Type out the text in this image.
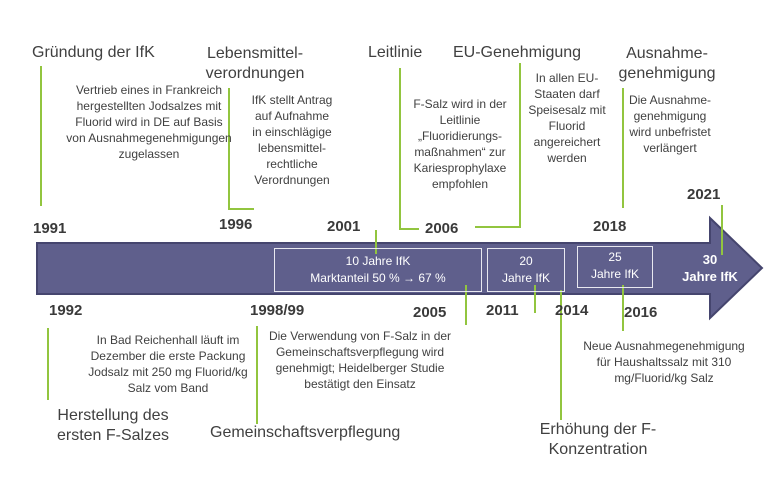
Gründung der IfK	Lebensmittel-verordnungen
Leitlinie EU-Genehmigung	Ausnahme-genehmigung
Vertrieb eines in Frankreich hergestellten Jodsalzes mit Fluorid wird in DE auf Basis von Ausnahmegenehmigungen zugelassen
IfK stellt Antrag auf Aufnahme in einschlägige lebensmittel-rechtliche Verordnungen
F-Salz wird in der Leitlinie „Fluoridierungs-maßnahmen“ zur Kariesprophylaxe empfohlen
In allen EU-Staaten darf Speisesalz mit Fluorid angereichert werden
Die Ausnahme-genehmigung wird unbefristet verlängert
1991	1996	2001	2006	2018
2021
10 Jahre IfK
Marktanteil 50 % → 67 %
20
Jahre IfK
25
Jahre IfK
30
Jahre IfK
1992	1998/99	2005	2011 2014 2016
In Bad Reichenhall läuft im Dezember die erste Packung Jodsalz mit 250 mg Fluorid/kg Salz vom Band
Die Verwendung von F-Salz in der Gemeinschaftsverpflegung wird genehmigt; Heidelberger Studie bestätigt den Einsatz
Neue Ausnahmegenehmigung für Haushaltssalz mit 310 mg/Fluorid/kg Salz
Herstellung des ersten F-Salzes	Gemeinschaftsverpflegung	Erhöhung der F-Konzentration
